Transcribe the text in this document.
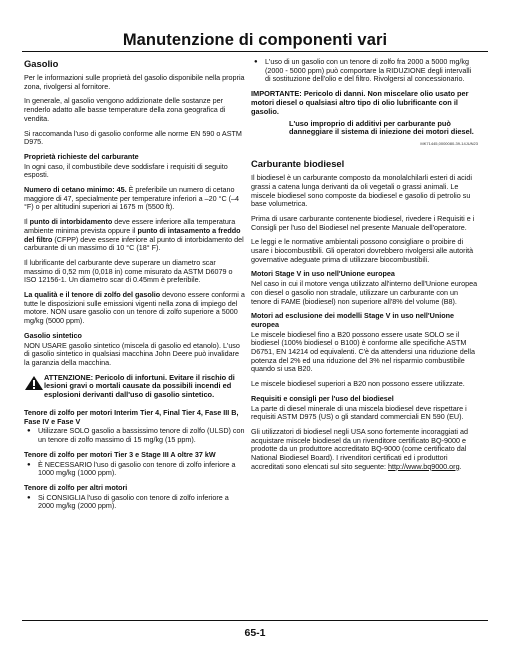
Manutenzione di componenti vari
Gasolio

Per le informazioni sulle proprietà del gasolio disponibile nella propria zona, rivolgersi al fornitore.

In generale, al gasolio vengono addizionate delle sostanze per renderlo adatto alle basse temperature della zona geografica di vendita.

Si raccomanda l'uso di gasolio conforme alle norme EN 590 o ASTM D975.

Proprietà richieste del carburante

In ogni caso, il combustibile deve soddisfare i requisiti di seguito esposti.

Numero di cetano minimo: 45. È preferibile un numero di cetano maggiore di 47, specialmente per temperature inferiori a –20 °C (–4 °F) o per altitudini superiori ai 1675 m (5500 ft).

Il punto di intorbidamento deve essere inferiore alla temperatura ambiente minima prevista oppure il punto di intasamento a freddo del filtro (CFPP) deve essere inferiore al punto di intorbidamento del carburante di un massimo di 10 °C (18° F).

Il lubrificante del carburante deve superare un diametro scar massimo di 0,52 mm (0,018 in) come misurato da ASTM D6079 o ISO 12156-1. Un diametro scar di 0.45mm è preferibile.

La qualità e il tenore di zolfo del gasolio devono essere conformi a tutte le disposizioni sulle emissioni vigenti nella zona di impiego del motore. NON usare gasolio con un tenore di zolfo superiore a 5000 mg/kg (5000 ppm).

Gasolio sintetico

NON USARE gasolio sintetico (miscela di gasolio ed etanolo). L'uso di gasolio sintetico in qualsiasi macchina John Deere può invalidare la garanzia della macchina.

ATTENZIONE: Pericolo di infortuni. Evitare il rischio di lesioni gravi o mortali causate da possibili incendi ed esplosioni derivanti dall'uso di gasolio sintetico.
Tenore di zolfo per motori Interim Tier 4, Final Tier 4, Fase III B, Fase IV e Fase V
● Utilizzare SOLO gasolio a bassissimo tenore di zolfo (ULSD) con un tenore di zolfo massimo di 15 mg/kg (15 ppm).
Tenore di zolfo per motori Tier 3 e Stage III A oltre 37 kW
● È NECESSARIO l'uso di gasolio con tenore di zolfo inferiore a 1000 mg/kg (1000 ppm).
Tenore di zolfo per altri motori
● Si CONSIGLIA l'uso di gasolio con tenore di zolfo inferiore a 2000 mg/kg (2000 ppm).
● L'uso di un gasolio con un tenore di zolfo fra 2000 a 5000 mg/kg (2000 - 5000 ppm) può comportare la RIDUZIONE degli intervalli di sostituzione dell'olio e del filtro. Rivolgersi al concessionario.
IMPORTANTE: Pericolo di danni. Non miscelare olio usato per motori diesel o qualsiasi altro tipo di olio lubrificante con il gasolio.

L'uso improprio di additivi per carburante può danneggiare il sistema di iniezione dei motori diesel.

MK71445,0000080-39-14JUN23
Carburante biodiesel

Il biodiesel è un carburante composto da monolalchilarli esteri di acidi grassi a catena lunga derivanti da oli vegetali o grassi animali. Le miscele biodiesel sono composte da biodiesel e gasolio di petrolio su base volumetrica.

Prima di usare carburante contenente biodiesel, rivedere i Requisiti e i Consigli per l'uso del Biodiesel nel presente Manuale dell'operatore.

Le leggi e le normative ambientali possono consigliare o proibire di usare i biocombustibili. Gli operatori dovrebbero rivolgersi alle autorità governative adeguate prima di utilizzare biocombustibili.

Motori Stage V in uso nell'Unione europea

Nel caso in cui il motore venga utilizzato all'interno dell'Unione europea con diesel o gasolio non stradale, utilizzare un carburante con un tenore di FAME (biodiesel) non superiore all'8% del volume (B8).

Motori ad esclusione dei modelli Stage V in uso nell'Unione europea

Le miscele biodiesel fino a B20 possono essere usate SOLO se il biodiesel (100% biodiesel o B100) è conforme alle specifiche ASTM D6751, EN 14214 od equivalenti. C'è da attendersi una riduzione della potenza del 2% ed una riduzione del 3% nel risparmio combustibile quando si usa B20.

Le miscele biodiesel superiori a B20 non possono essere utilizzate.

Requisiti e consigli per l'uso del biodiesel

La parte di diesel minerale di una miscela biodiesel deve rispettare i requisiti ASTM D975 (US) o gli standard commerciali EN 590 (EU).

Gli utilizzatori di biodiesel negli USA sono fortemente incoraggiati ad acquistare miscele biodiesel da un rivenditore certificato BQ-9000 e prodotte da un produttore accreditato BQ-9000 (come certificato dal National Biodiesel Board). I rivenditori certificati ed i produttori accreditati sono elencati sul sito seguente: http://www.bq9000.org.

65-1
